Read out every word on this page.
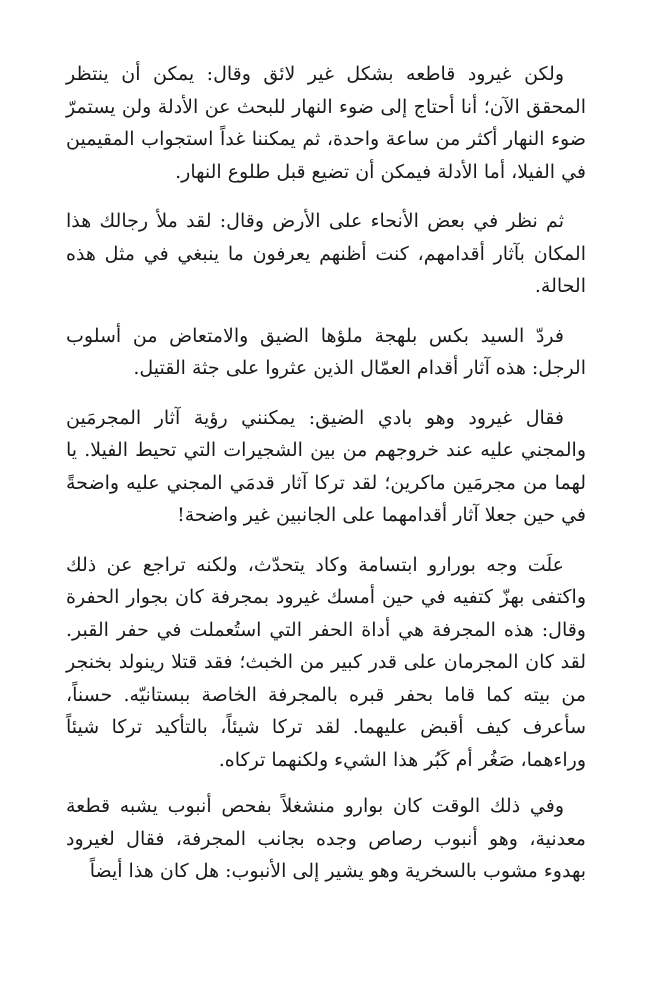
ولكن غيرود قاطعه بشكل غير لائق وقال: يمكن أن ينتظر المحقق الآن؛ أنا أحتاج إلى ضوء النهار للبحث عن الأدلة ولن يستمرّ ضوء النهار أكثر من ساعة واحدة، ثم يمكننا غداً استجواب المقيمين في الفيلا، أما الأدلة فيمكن أن تضيع قبل طلوع النهار.

ثم نظر في بعض الأنحاء على الأرض وقال: لقد ملأ رجالك هذا المكان بآثار أقدامهم، كنت أظنهم يعرفون ما ينبغي في مثل هذه الحالة.

فردّ السيد بكس بلهجة ملؤها الضيق والامتعاض من أسلوب الرجل: هذه آثار أقدام العمّال الذين عثروا على جثة القتيل.

فقال غيرود وهو بادي الضيق: يمكنني رؤية آثار المجرمَين والمجني عليه عند خروجهم من بين الشجيرات التي تحيط الفيلا. يا لهما من مجرمَين ماكرين؛ لقد تركا آثار قدمَي المجني عليه واضحةً في حين جعلا آثار أقدامهما على الجانبين غير واضحة!

علَت وجه بورارو ابتسامة وكاد يتحدّث، ولكنه تراجع عن ذلك واكتفى بهزّ كتفيه في حين أمسك غيرود بمجرفة كان بجوار الحفرة وقال: هذه المجرفة هي أداة الحفر التي استُعملت في حفر القبر. لقد كان المجرمان على قدر كبير من الخبث؛ فقد قتلا رينولد بخنجر من بيته كما قاما بحفر قبره بالمجرفة الخاصة ببستانيّه. حسناً، سأعرف كيف أقبض عليهما. لقد تركا شيئاً، بالتأكيد تركا شيئاً وراءهما، صَغُر أم كَبُر هذا الشيء ولكنهما تركاه.

وفي ذلك الوقت كان بوارو منشغلاً بفحص أنبوب يشبه قطعة معدنية، وهو أنبوب رصاص وجده بجانب المجرفة، فقال لغيرود بهدوء مشوب بالسخرية وهو يشير إلى الأنبوب: هل كان هذا أيضاً
